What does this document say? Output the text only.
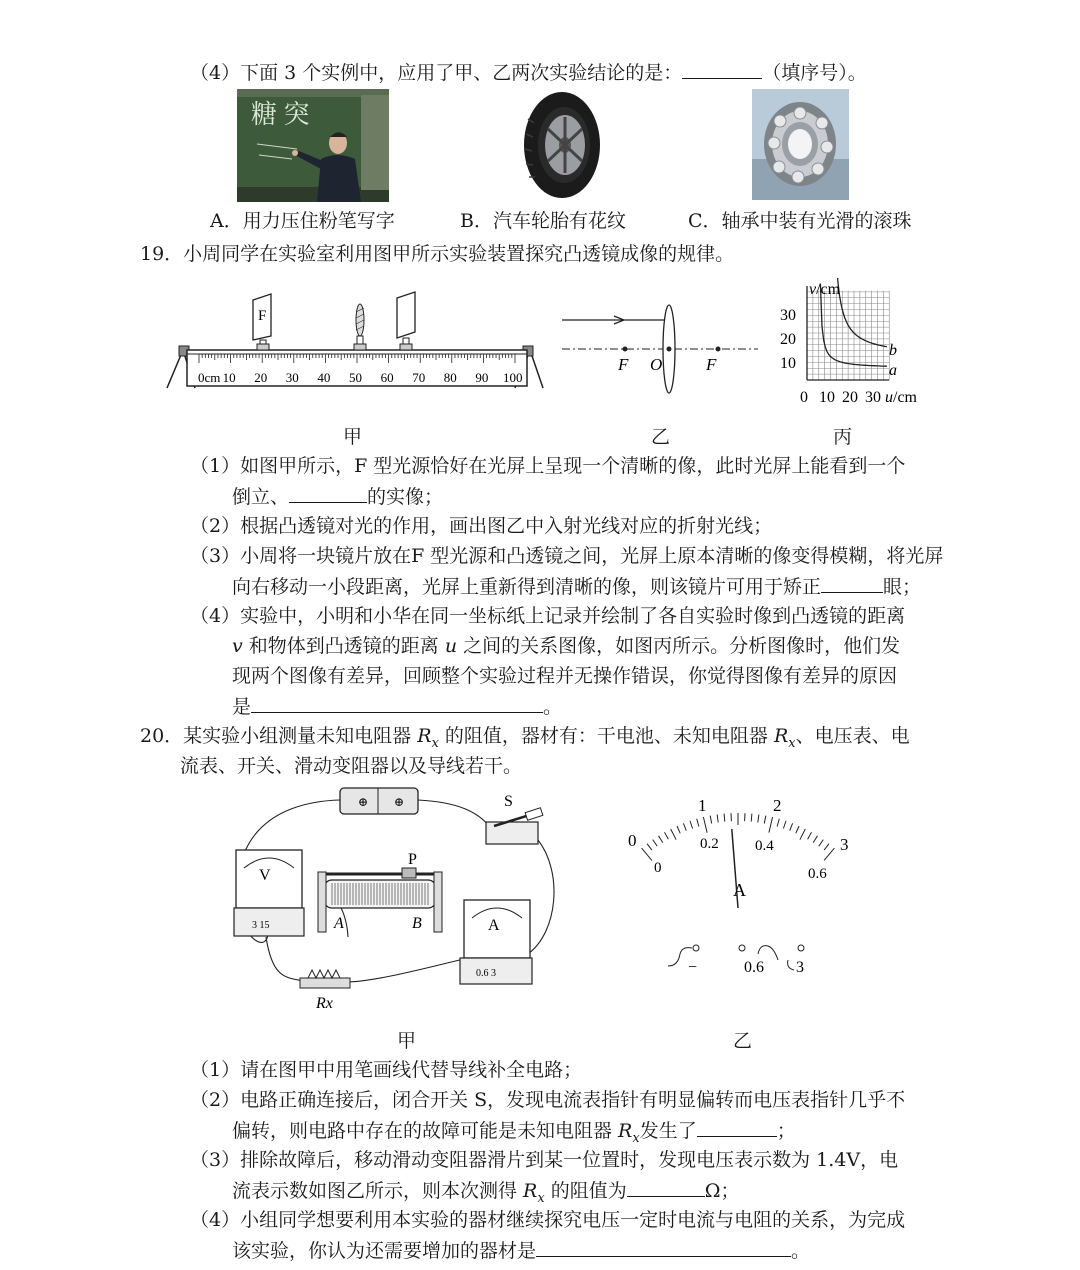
（4）下面 3 个实例中，应用了甲、乙两次实验结论的是：	（填序号）。
糖 突
A．用力压住粉笔写字	B．汽车轮胎有花纹	C．轴承中装有光滑的滚珠
19．小周同学在实验室利用图甲所示实验装置探究凸透镜成像的规律。
F
0cm 10 20 30 40 50 60 70 80 90 100
甲
F O	F
乙
v/cm
30
20
10
0 10 20 30 u/cm
b
a
丙
（1）如图甲所示，F 型光源恰好在光屏上呈现一个清晰的像，此时光屏上能看到一个
倒立、	的实像；
（2）根据凸透镜对光的作用，画出图乙中入射光线对应的折射光线；
（3）小周将一块镜片放在F 型光源和凸透镜之间，光屏上原本清晰的像变得模糊，将光屏
向右移动一小段距离，光屏上重新得到清晰的像，则该镜片可用于矫正	眼；
（4）实验中，小明和小华在同一坐标纸上记录并绘制了各自实验时像到凸透镜的距离
v 和物体到凸透镜的距离 u 之间的关系图像，如图丙所示。分析图像时，他们发
现两个图像有差异，回顾整个实验过程并无操作错误，你觉得图像有差异的原因
是	。
20．某实验小组测量未知电阻器 $R_x$ 的阻值，器材有：干电池、未知电阻器 $R_x$、电压表、电
流表、开关、滑动变阻器以及导线若干。
⊕ ⊕	S
V
3 15
P
A	B	A
0.6 3
Rx
甲
0
1	2
3
0
0.2 0.4
0.6
A
−	0.6 3
乙
（1）请在图甲中用笔画线代替导线补全电路；
（2）电路正确连接后，闭合开关 S，发现电流表指针有明显偏转而电压表指针几乎不
偏转，则电路中存在的故障可能是未知电阻器 $R_x$发生了	；
（3）排除故障后，移动滑动变阻器滑片到某一位置时，发现电压表示数为 1.4V，电
流表示数如图乙所示，则本次测得 $R_x$ 的阻值为	Ω；
（4）小组同学想要利用本实验的器材继续探究电压一定时电流与电阻的关系，为完成
该实验，你认为还需要增加的器材是	。
